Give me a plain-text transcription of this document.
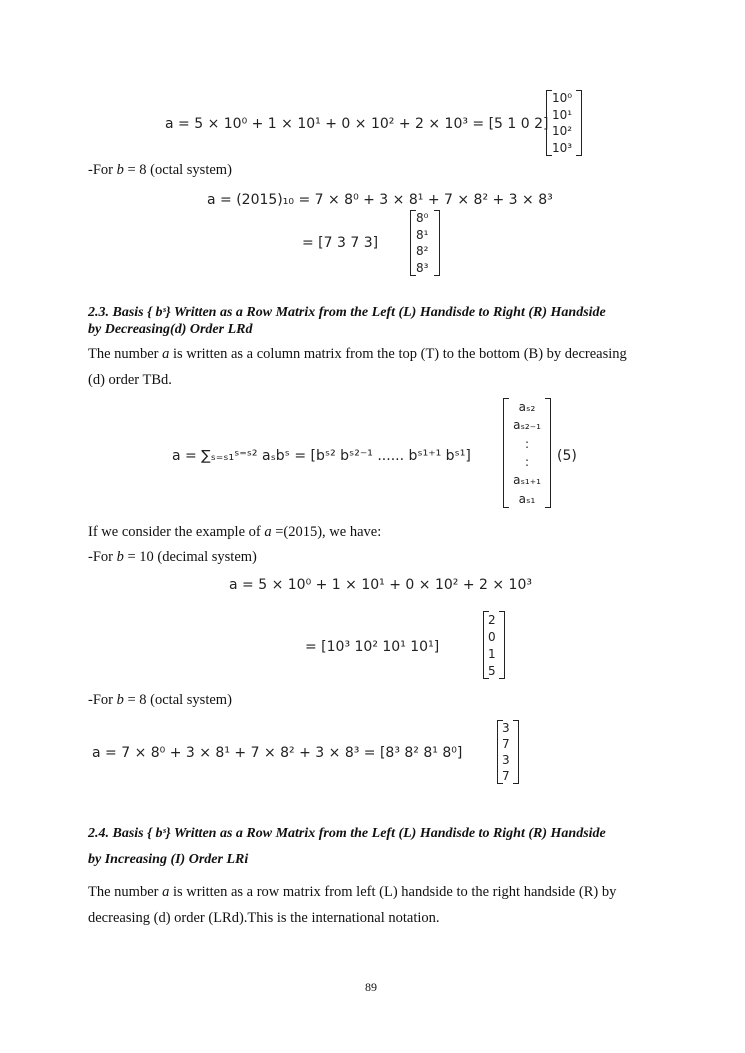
a = 5 × 10⁰ + 1 × 10¹ + 0 × 10² + 2 × 10³ = [5 1 0 2]
10⁰
10¹
10²
10³
-For b = 8 (octal system)
a = (2015)₁₀ = 7 × 8⁰ + 3 × 8¹ + 7 × 8² + 3 × 8³
= [7 3 7 3]
8⁰
8¹
8²
8³
2.3. Basis { bˢ} Written as a Row Matrix from the Left (L) Handisde to Right (R) Handside
by Decreasing(d) Order LRd
The number a is written as a column matrix from the top (T) to the bottom (B) by decreasing
(d) order TBd.
a = ∑ₛ₌ₛ₁ˢ⁼ˢ² aₛbˢ = [bˢ² bˢ²⁻¹ ...... bˢ¹⁺¹ bˢ¹]
aₛ₂
aₛ₂₋₁
:
:
aₛ₁₊₁
aₛ₁
(5)
If we consider the example of a =(2015), we have:
-For b = 10 (decimal system)
a = 5 × 10⁰ + 1 × 10¹ + 0 × 10² + 2 × 10³
= [10³ 10² 10¹ 10¹]
2
0
1
5
-For b = 8 (octal system)
a = 7 × 8⁰ + 3 × 8¹ + 7 × 8² + 3 × 8³ = [8³ 8² 8¹ 8⁰]
3
7
3
7
2.4. Basis { bˢ} Written as a Row Matrix from the Left (L) Handisde to Right (R) Handside
by Increasing (I) Order LRi
The number a is written as a row matrix from left (L) handside to the right handside (R) by
decreasing (d) order (LRd).This is the international notation.
89
